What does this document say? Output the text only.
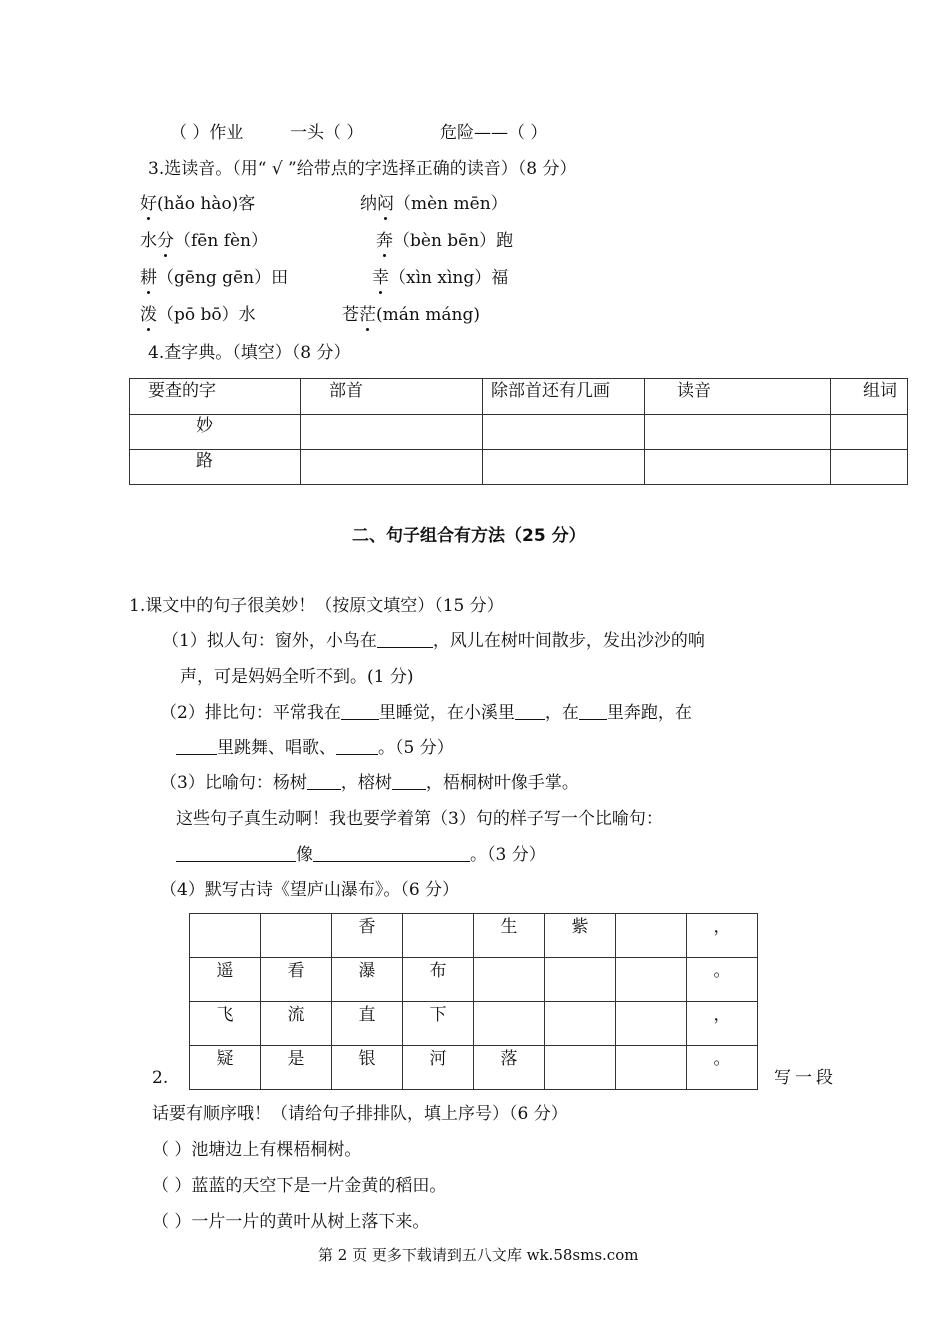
（ ）作业	一头（ ）	危险——（ ）
3.选读音。（用“ √ ”给带点的字选择正确的读音）（8 分）
好(hǎo hào)客	纳闷（mèn mēn）
水分（fēn fèn）	奔（bèn bēn）跑
耕（gēng gēn）田	幸（xìn xìng）福
泼（pō bō）水	苍茫(mán máng)
4.查字典。（填空）（8 分）
要查的字	部首	除部首还有几画	读音	组词
妙				
路				
二、句子组合有方法（25 分）
1.课文中的句子很美妙！（按原文填空）（15 分）
（1）拟人句：窗外，小鸟在	，风儿在树叶间散步，发出沙沙的响
声，可是妈妈全听不到。(1 分)
（2）排比句：平常我在 里睡觉，在小溪里 ，在 里奔跑，在
里跳舞、唱歌、 。（5 分）
（3）比喻句：杨树 ，榕树 ，梧桐树叶像手掌。
这些句子真生动啊！我也要学着第（3）句的样子写一个比喻句：
像	。（3 分）
（4）默写古诗《望庐山瀑布》。（6 分）

		香		生	紫		，

遥	看	瀑	布				。

飞	流	直	下				，

疑	是	银	河	落			。
2.	写一段
话要有顺序哦！（请给句子排排队，填上序号）（6 分）
（ ）池塘边上有棵梧桐树。
（ ）蓝蓝的天空下是一片金黄的稻田。
（ ）一片一片的黄叶从树上落下来。
第 2 页 更多下载请到五八文库 wk.58sms.com
